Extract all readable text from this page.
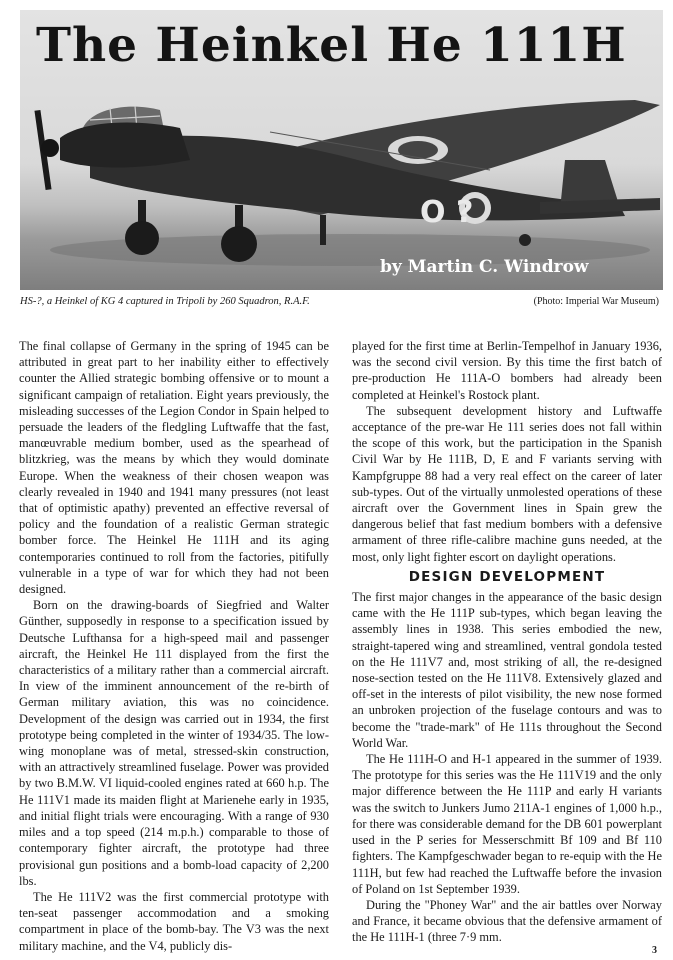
O ?
The Heinkel He 111H

by Martin C. Windrow

HS-?, a Heinkel of KG 4 captured in Tripoli by 260 Squadron, R.A.F.	(Photo: Imperial War Museum)

The final collapse of Germany in the spring of 1945 can be attributed in great part to her inability either to effectively counter the Allied strategic bombing offensive or to mount a significant campaign of retaliation. Eight years previously, the misleading successes of the Legion Condor in Spain helped to persuade the leaders of the fledgling Luftwaffe that the fast, manœuvrable medium bomber, used as the spearhead of blitzkrieg, was the means by which they would dominate Europe. When the weakness of their chosen weapon was clearly revealed in 1940 and 1941 many pressures (not least that of optimistic apathy) prevented an effective reversal of policy and the foundation of a realistic German strategic bomber force. The Heinkel He 111H and its aging contemporaries continued to roll from the factories, pitifully vulnerable in a type of war for which they had not been designed.

Born on the drawing-boards of Siegfried and Walter Günther, supposedly in response to a specification issued by Deutsche Lufthansa for a high-speed mail and passenger aircraft, the Heinkel He 111 displayed from the first the characteristics of a military rather than a commercial aircraft. In view of the imminent announcement of the re-birth of German military aviation, this was no coincidence. Development of the design was carried out in 1934, the first prototype being completed in the winter of 1934/35. The low-wing monoplane was of metal, stressed-skin construction, with an attractively streamlined fuselage. Power was provided by two B.M.W. VI liquid-cooled engines rated at 660 h.p. The He 111V1 made its maiden flight at Marienehe early in 1935, and initial flight trials were encouraging. With a range of 930 miles and a top speed (214 m.p.h.) comparable to those of contemporary fighter aircraft, the prototype had three provisional gun positions and a bomb-load capacity of 2,200 lbs.

The He 111V2 was the first commercial prototype with ten-seat passenger accommodation and a smoking compartment in place of the bomb-bay. The V3 was the next military machine, and the V4, publicly dis-

played for the first time at Berlin-Tempelhof in January 1936, was the second civil version. By this time the first batch of pre-production He 111A-O bombers had already been completed at Heinkel's Rostock plant.

The subsequent development history and Luftwaffe acceptance of the pre-war He 111 series does not fall within the scope of this work, but the participation in the Spanish Civil War by He 111B, D, E and F variants serving with Kampfgruppe 88 had a very real effect on the career of later sub-types. Out of the virtually unmolested operations of these aircraft over the Government lines in Spain grew the dangerous belief that fast medium bombers with a defensive armament of three rifle-calibre machine guns needed, at the most, only light fighter escort on daylight operations.

DESIGN DEVELOPMENT

The first major changes in the appearance of the basic design came with the He 111P sub-types, which began leaving the assembly lines in 1938. This series embodied the new, straight-tapered wing and streamlined, ventral gondola tested on the He 111V7 and, most striking of all, the re-designed nose-section tested on the He 111V8. Extensively glazed and off-set in the interests of pilot visibility, the new nose formed an unbroken projection of the fuselage contours and was to become the "trade-mark" of He 111s throughout the Second World War.

The He 111H-O and H-1 appeared in the summer of 1939. The prototype for this series was the He 111V19 and the only major difference between the He 111P and early H variants was the switch to Junkers Jumo 211A-1 engines of 1,000 h.p., for there was considerable demand for the DB 601 powerplant used in the P series for Messerschmitt Bf 109 and Bf 110 fighters. The Kampfgeschwader began to re-equip with the He 111H, but few had reached the Luftwaffe before the invasion of Poland on 1st September 1939.

During the "Phoney War" and the air battles over Norway and France, it became obvious that the defensive armament of the He 111H-1 (three 7·9 mm.

3
